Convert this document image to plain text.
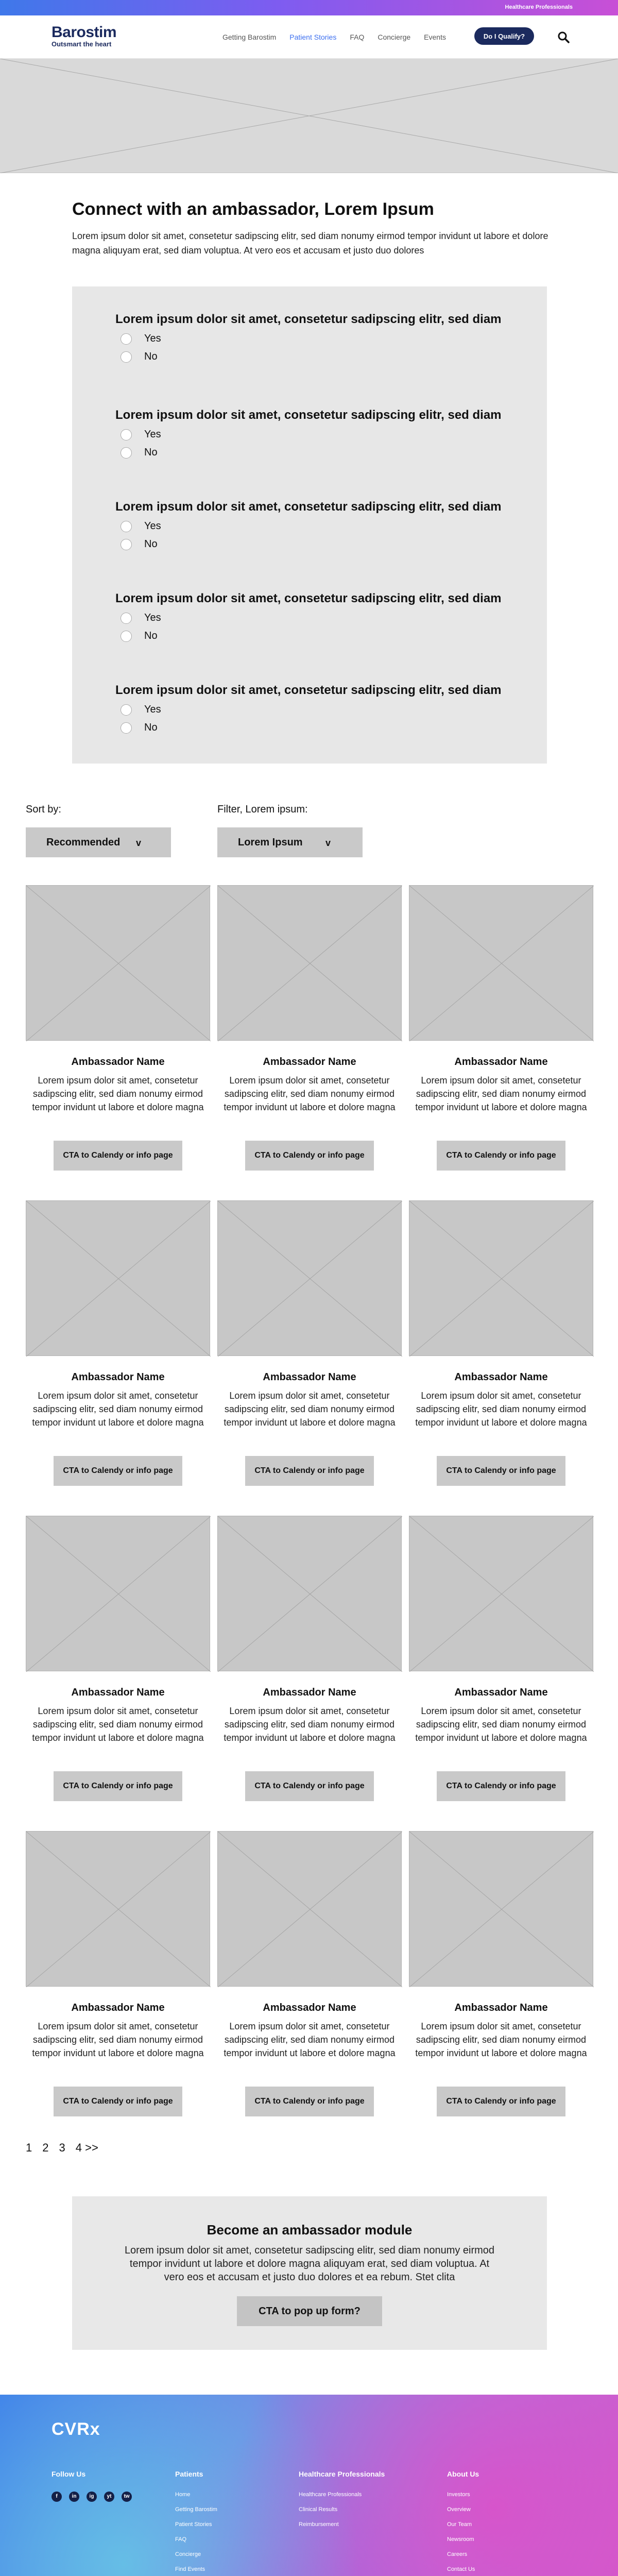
Healthcare Professionals
Barostim
Outsmart the heart
Getting Barostim Patient Stories FAQ Concierge Events	Do I Qualify?
Connect with an ambassador, Lorem Ipsum

Lorem ipsum dolor sit amet, consetetur sadipscing elitr, sed diam nonumy eirmod tempor invidunt ut labore et dolore magna aliquyam erat, sed diam voluptua. At vero eos et accusam et justo duo dolores

Lorem ipsum dolor sit amet, consetetur sadipscing elitr, sed diam
Yes
No
Lorem ipsum dolor sit amet, consetetur sadipscing elitr, sed diam
Yes
No
Lorem ipsum dolor sit amet, consetetur sadipscing elitr, sed diam
Yes
No
Lorem ipsum dolor sit amet, consetetur sadipscing elitr, sed diam
Yes
No
Lorem ipsum dolor sit amet, consetetur sadipscing elitr, sed diam
Yes
No
Sort by:
Recommended v
Filter, Lorem ipsum:
Lorem Ipsum v
Ambassador Name
Lorem ipsum dolor sit amet, consetetur sadipscing elitr, sed diam nonumy eirmod tempor invidunt ut labore et dolore magna
CTA to Calendy or info page
Ambassador Name
Lorem ipsum dolor sit amet, consetetur sadipscing elitr, sed diam nonumy eirmod tempor invidunt ut labore et dolore magna
CTA to Calendy or info page
Ambassador Name
Lorem ipsum dolor sit amet, consetetur sadipscing elitr, sed diam nonumy eirmod tempor invidunt ut labore et dolore magna
CTA to Calendy or info page
Ambassador Name
Lorem ipsum dolor sit amet, consetetur sadipscing elitr, sed diam nonumy eirmod tempor invidunt ut labore et dolore magna
CTA to Calendy or info page
Ambassador Name
Lorem ipsum dolor sit amet, consetetur sadipscing elitr, sed diam nonumy eirmod tempor invidunt ut labore et dolore magna
CTA to Calendy or info page
Ambassador Name
Lorem ipsum dolor sit amet, consetetur sadipscing elitr, sed diam nonumy eirmod tempor invidunt ut labore et dolore magna
CTA to Calendy or info page
Ambassador Name
Lorem ipsum dolor sit amet, consetetur sadipscing elitr, sed diam nonumy eirmod tempor invidunt ut labore et dolore magna
CTA to Calendy or info page
Ambassador Name
Lorem ipsum dolor sit amet, consetetur sadipscing elitr, sed diam nonumy eirmod tempor invidunt ut labore et dolore magna
CTA to Calendy or info page
Ambassador Name
Lorem ipsum dolor sit amet, consetetur sadipscing elitr, sed diam nonumy eirmod tempor invidunt ut labore et dolore magna
CTA to Calendy or info page
Ambassador Name
Lorem ipsum dolor sit amet, consetetur sadipscing elitr, sed diam nonumy eirmod tempor invidunt ut labore et dolore magna
CTA to Calendy or info page
Ambassador Name
Lorem ipsum dolor sit amet, consetetur sadipscing elitr, sed diam nonumy eirmod tempor invidunt ut labore et dolore magna
CTA to Calendy or info page
Ambassador Name
Lorem ipsum dolor sit amet, consetetur sadipscing elitr, sed diam nonumy eirmod tempor invidunt ut labore et dolore magna
CTA to Calendy or info page
1 2 3 4 >>
Become an ambassador module

Lorem ipsum dolor sit amet, consetetur sadipscing elitr, sed diam nonumy eirmod tempor invidunt ut labore et dolore magna aliquyam erat, sed diam voluptua. At vero eos et accusam et justo duo dolores et ea rebum. Stet clita

CTA to pop up form?
CVRx
Follow Us
f	in	ig	yt	tw
Patients
Home
Getting Barostim
Patient Stories
FAQ
Concierge
Find Events
Healthcare Professionals
Healthcare Professionals
Clinical Results
Reimbursement
About Us
Investors
Overview
Our Team
Newsroom
Careers
Contact Us
